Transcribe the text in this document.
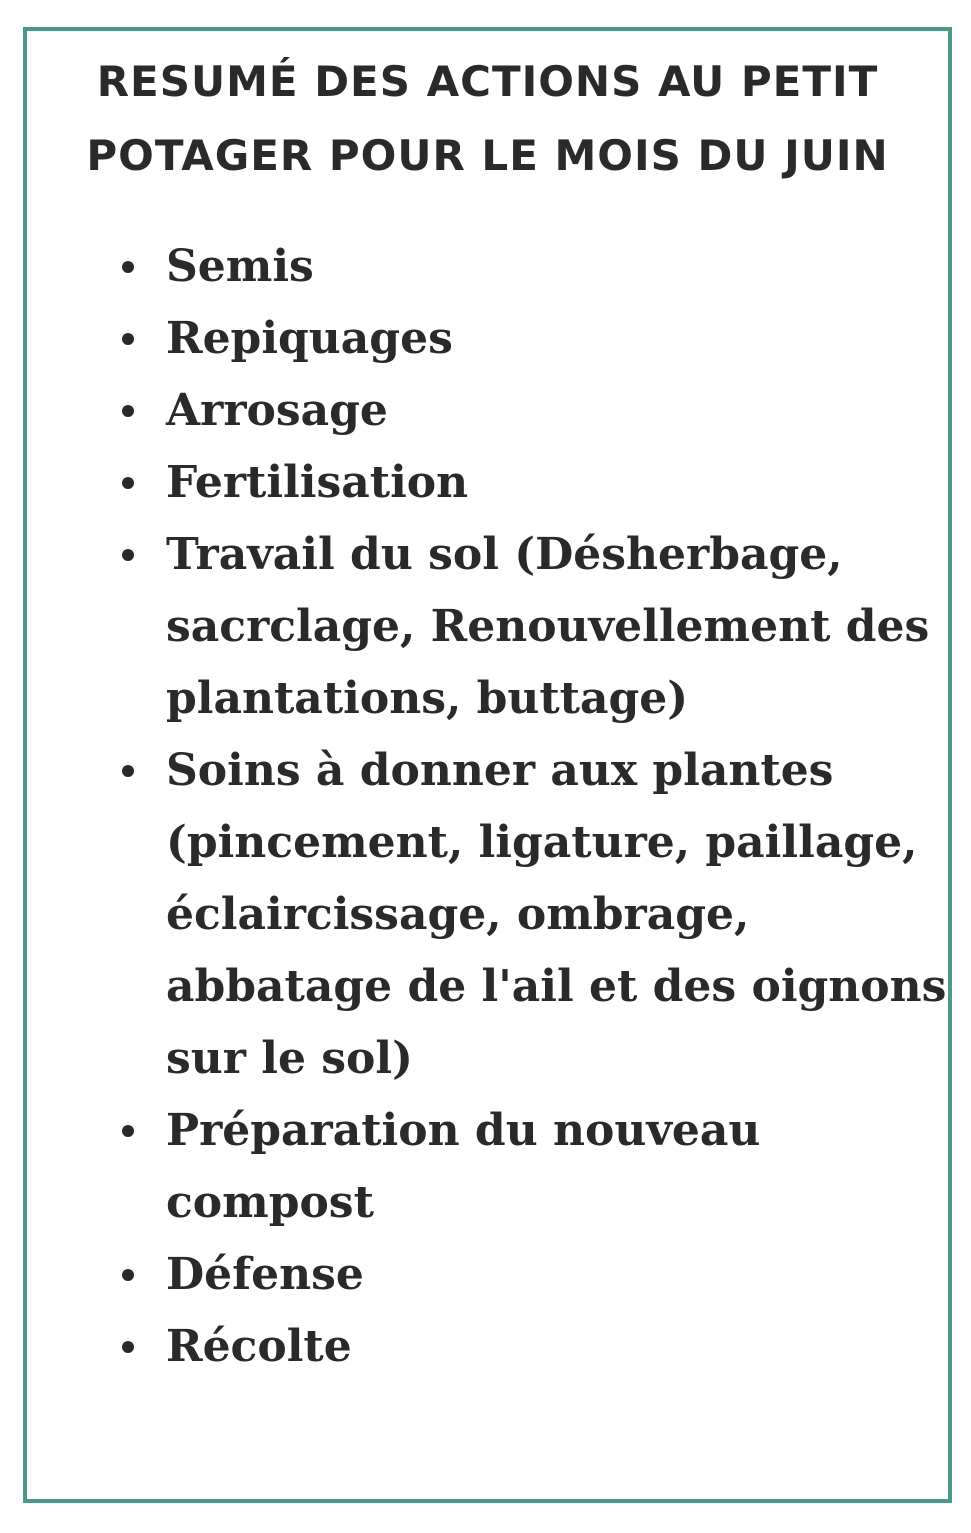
RESUMÉ DES ACTIONS AU PETIT
POTAGER POUR LE MOIS DU JUIN
Semis
Repiquages
Arrosage
Fertilisation
Travail du sol (Désherbage,
sacrclage, Renouvellement des
plantations, buttage)
Soins à donner aux plantes
(pincement, ligature, paillage,
éclaircissage, ombrage,
abbatage de l'ail et des oignons
sur le sol)
Préparation du nouveau
compost
Défense
Récolte
